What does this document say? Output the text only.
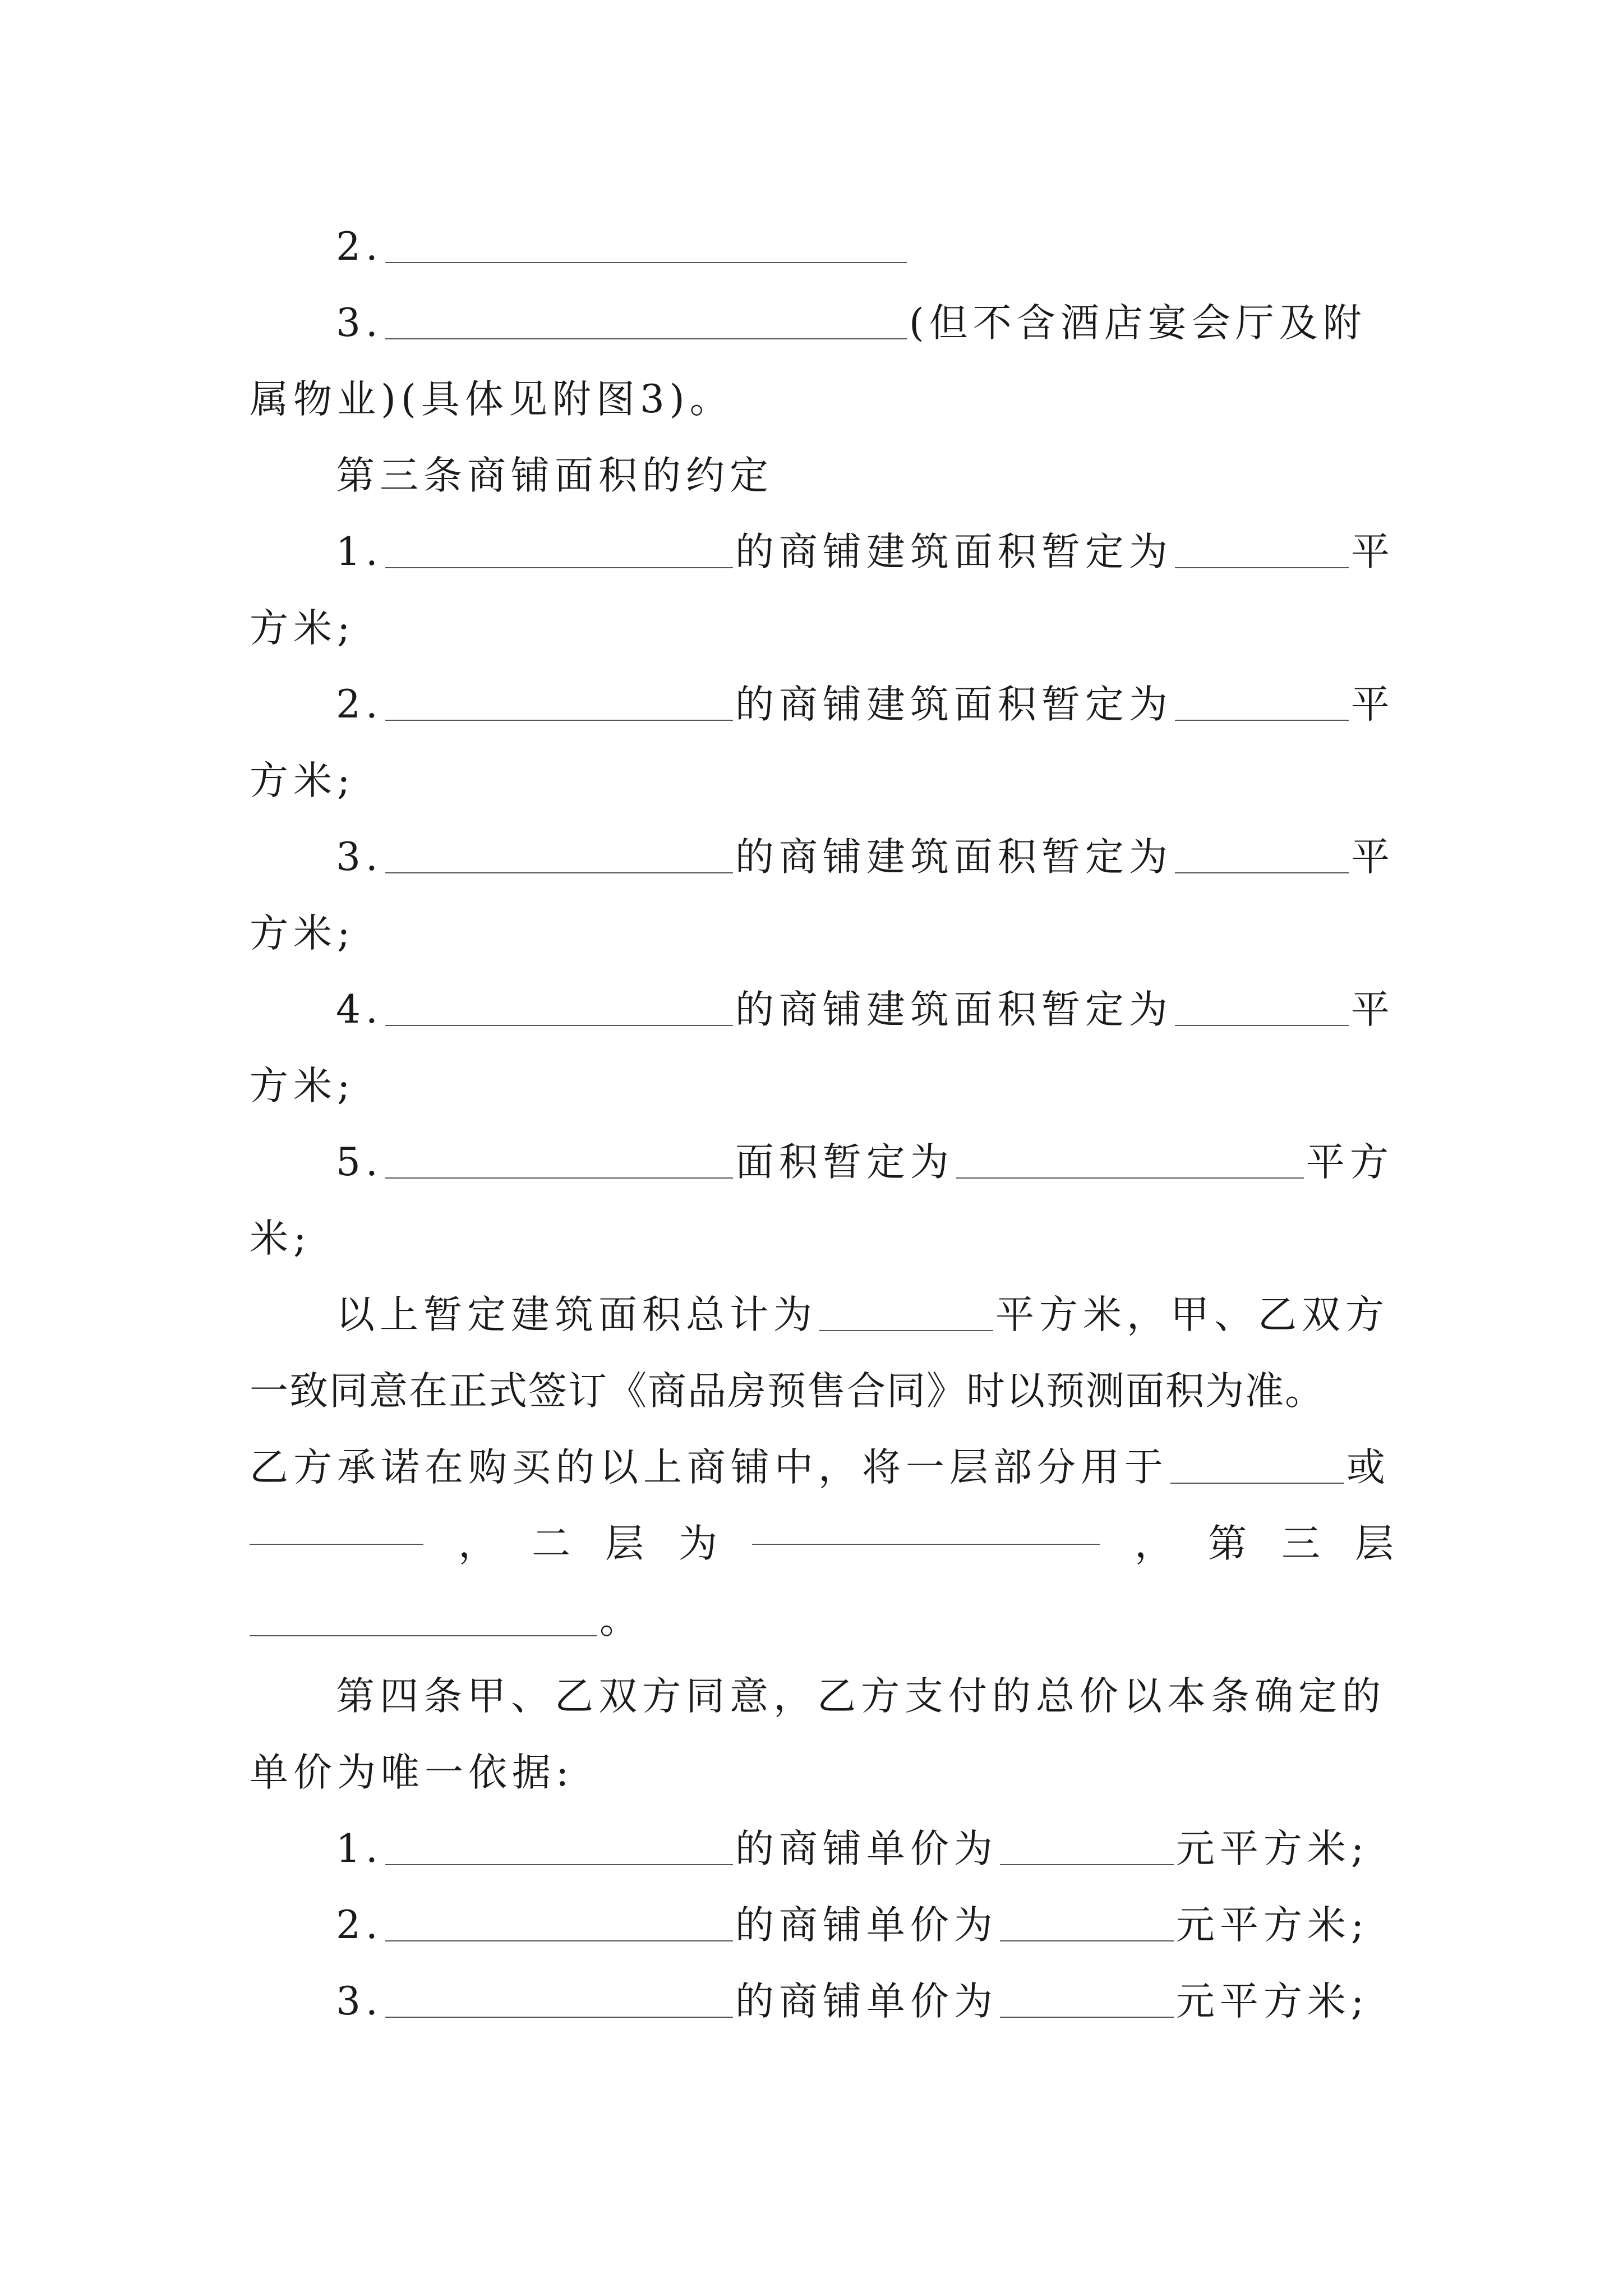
2.
3.	(但不含酒店宴会厅及附
属物业)(具体见附图3)。
第三条商铺面积的约定
1.	的商铺建筑面积暂定为	平
方米;
2.	的商铺建筑面积暂定为	平
方米;
3.	的商铺建筑面积暂定为	平
方米;
4.	的商铺建筑面积暂定为	平
方米;
5.	面积暂定为	平方
米;
以上暂定建筑面积总计为	平方米，甲、乙双方
一致同意在正式签订《商品房预售合同》时以预测面积为准。
乙方承诺在购买的以上商铺中，将一层部分用于	或
， 二 层 为	， 第 三 层
。
第四条甲、乙双方同意，乙方支付的总价以本条确定的
单价为唯一依据:
1.	的商铺单价为	元平方米;
2.	的商铺单价为	元平方米;
3.	的商铺单价为	元平方米;
